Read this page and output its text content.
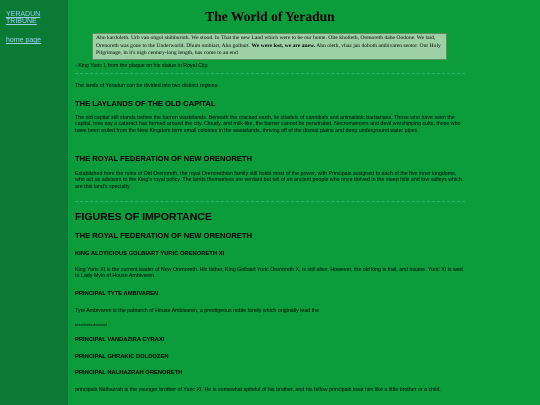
YERADUN TRIBUNE
home page
The World of Yeradun
Ahn kardoleth. Urb van ohgol shibburoth. We stood. In That the new Land which were to be our home. Olte kholleth, Orenoreth dahe Oodone. We laid, Orenoreth was gone to the Underworld. Dhum ombiart, Ahn golburt. We were lost, we are anew. Ahn oleth, vhaz jan doboth ambivaren seotor. Our Holy Pilgrimage, in it's nigh century-long length, has come to an end
- King Yuric I, from the plaque on his statue in Royal City.
The lands of Yeradun can be divided into two distinct regions:
THE LAYLANDS OF THE OLD CAPITAL
The old capital still stands before the barren wastelands. Beneath the cracked earth, lie citadels of cannibals and animalistic barbarians. Those who have seen the capital, now say a cataract has formed around the city. Cloudy, and milk-like, the barrier cannot be penetrated. Necromancers and devil worshipping cults, those who have been exiled from the New Kingdom form small colonies in the wastelands, thriving off of the dismal plains and deep underground water pipes.
THE ROYAL FEDERATION OF NEW ORENORETH
Established from the ruins of Old Orenoreth, the royal Orenorethian family still holds most of the power, with Principals assigned to each of the five inner kingdoms, who act as advisors to the King's royal policy. The lands themselves are verdant but tell of an ancient people who once thrived in the steep hills and low valleys which are this land's specialty.
FIGURES OF IMPORTANCE
THE ROYAL FEDERATION OF NEW ORENORETH
KING ALOYICIOUS GOLBIART YURIC ORENORETH XI
King Yuric XI is the current leader of New Orenoreth. His father, King Golbiart Yuric Orenoreth X, is still alive. However, the old king is frail, and insane. Yuric XI is wed to Lady Mylo of House Ambivaren.
PRINCIPAL TYTE AMBIVAREN
Tyte Ambivaren is the patriarch of House Ambivaren, a prestigeous noble family which originally lead the
texsdxesxdxsesxd
PRINCIPAL VANDAZIRA CYRAXI
PRINCIPAL GHRAKIC DOLDOZEN
PRINCIPAL NALHAZRAH ORENORETH
principals Nalhazrah is the younger brother of Yuric XI. He is somewhat spiteful of his brother, and his fellow principals treat him like a little brother or a child.
